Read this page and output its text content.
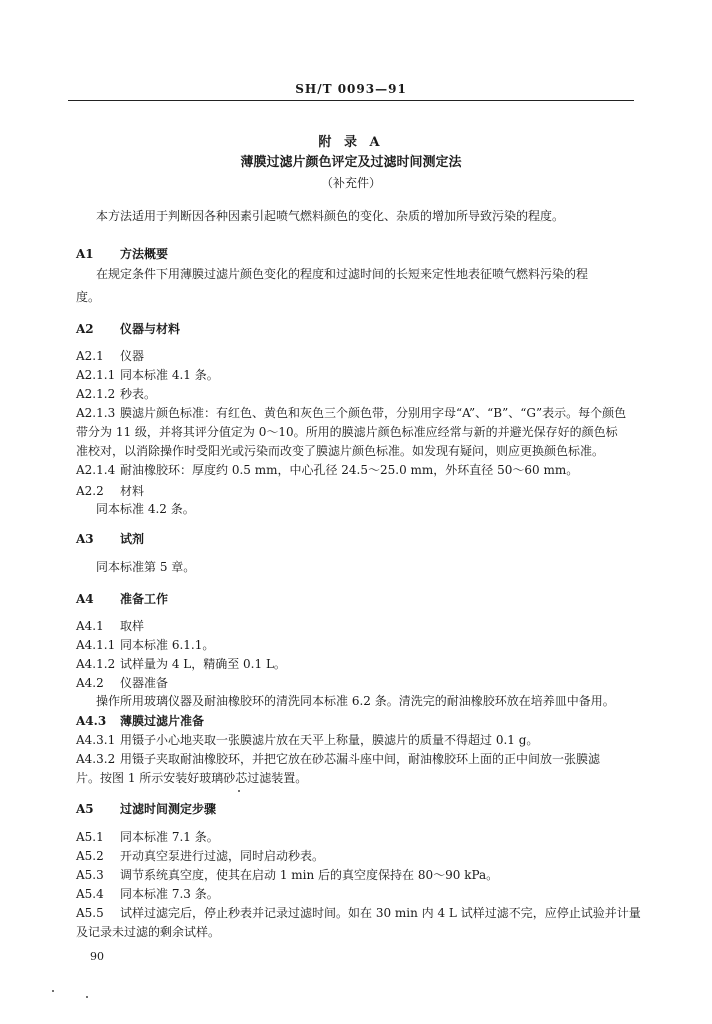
SH/T 0093—91
附 录 A
薄膜过滤片颜色评定及过滤时间测定法
（补充件）
本方法适用于判断因各种因素引起喷气燃料颜色的变化、杂质的增加所导致污染的程度。
A1 方法概要
在规定条件下用薄膜过滤片颜色变化的程度和过滤时间的长短来定性地表征喷气燃料污染的程
度。
A2 仪器与材料
A2.1 仪器
A2.1.1 同本标准 4.1 条。
A2.1.2 秒表。
A2.1.3 膜滤片颜色标准：有红色、黄色和灰色三个颜色带，分别用字母“A”、“B”、“G”表示。每个颜色
带分为 11 级，并将其评分值定为 0～10。所用的膜滤片颜色标准应经常与新的并避光保存好的颜色标
准校对，以消除操作时受阳光或污染而改变了膜滤片颜色标准。如发现有疑问，则应更换颜色标准。
A2.1.4 耐油橡胶环：厚度约 0.5 mm，中心孔径 24.5～25.0 mm，外环直径 50～60 mm。
A2.2 材料
同本标准 4.2 条。
A3 试剂
同本标准第 5 章。
A4 准备工作
A4.1 取样
A4.1.1 同本标准 6.1.1。
A4.1.2 试样量为 4 L，精确至 0.1 L。
A4.2 仪器准备
操作所用玻璃仪器及耐油橡胶环的清洗同本标准 6.2 条。清洗完的耐油橡胶环放在培养皿中备用。
A4.3 薄膜过滤片准备
A4.3.1 用镊子小心地夹取一张膜滤片放在天平上称量，膜滤片的质量不得超过 0.1 g。
A4.3.2 用镊子夹取耐油橡胶环，并把它放在砂芯漏斗座中间，耐油橡胶环上面的正中间放一张膜滤
片。按图 1 所示安装好玻璃砂芯过滤装置。
A5 过滤时间测定步骤
A5.1 同本标准 7.1 条。
A5.2 开动真空泵进行过滤，同时启动秒表。
A5.3 调节系统真空度，使其在启动 1 min 后的真空度保持在 80～90 kPa。
A5.4 同本标准 7.3 条。
A5.5 试样过滤完后，停止秒表并记录过滤时间。如在 30 min 内 4 L 试样过滤不完，应停止试验并计量
及记录未过滤的剩余试样。
90
